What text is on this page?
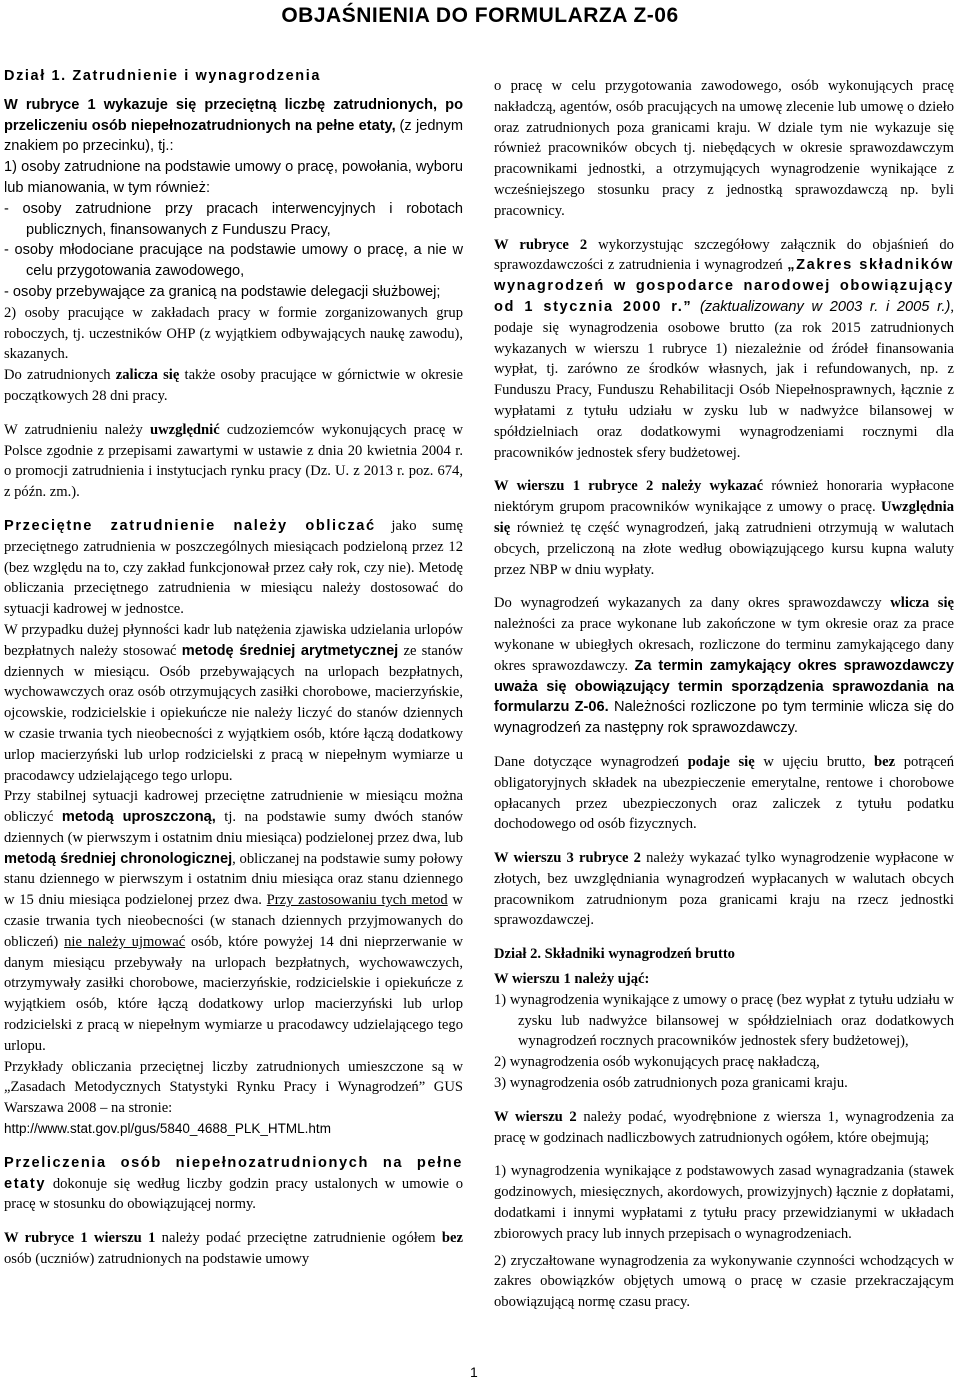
OBJAŚNIENIA DO FORMULARZA Z-06

Dział 1. Zatrudnienie i wynagrodzenia

W rubryce 1 wykazuje się przeciętną liczbę zatrudnionych, po przeliczeniu osób niepełnozatrudnionych na pełne etaty, (z jednym znakiem po przecinku), tj.:

1) osoby zatrudnione na podstawie umowy o pracę, powołania, wyboru lub mianowania, w tym również:

- osoby zatrudnione przy pracach interwencyjnych i robotach publicznych, finansowanych z Funduszu Pracy,
- osoby młodociane pracujące na podstawie umowy o pracę, a nie w celu przygotowania zawodowego,
- osoby przebywające za granicą na podstawie delegacji służbowej;

2) osoby pracujące w zakładach pracy w formie zorganizowanych grup roboczych, tj. uczestników OHP (z wyjątkiem odbywających naukę zawodu), skazanych.

Do zatrudnionych zalicza się także osoby pracujące w górnictwie w okresie początkowych 28 dni pracy.

W zatrudnieniu należy uwzględnić cudzoziemców wykonujących pracę w Polsce zgodnie z przepisami zawartymi w ustawie z dnia 20 kwietnia 2004 r. o promocji zatrudnienia i instytucjach rynku pracy (Dz. U. z 2013 r. poz. 674, z późn. zm.).

Przeciętne zatrudnienie należy obliczać jako sumę przeciętnego zatrudnienia w poszczególnych miesiącach podzieloną przez 12 (bez względu na to, czy zakład funkcjonował przez cały rok, czy nie). Metodę obliczania przeciętnego zatrudnienia w miesiącu należy dostosować do sytuacji kadrowej w jednostce.

W przypadku dużej płynności kadr lub natężenia zjawiska udzielania urlopów bezpłatnych należy stosować metodę średniej arytmetycznej ze stanów dziennych w miesiącu. Osób przebywających na urlopach bezpłatnych, wychowawczych oraz osób otrzymujących zasiłki chorobowe, macierzyńskie, ojcowskie, rodzicielskie i opiekuńcze nie należy liczyć do stanów dziennych w czasie trwania tych nieobecności z wyjątkiem osób, które łączą dodatkowy urlop macierzyński lub urlop rodzicielski z pracą w niepełnym wymiarze u pracodawcy udzielającego tego urlopu.

Przy stabilnej sytuacji kadrowej przeciętne zatrudnienie w miesiącu można obliczyć metodą uproszczoną, tj. na podstawie sumy dwóch stanów dziennych (w pierwszym i ostatnim dniu miesiąca) podzielonej przez dwa, lub metodą średniej chronologicznej, obliczanej na podstawie sumy połowy stanu dziennego w pierwszym i ostatnim dniu miesiąca oraz stanu dziennego w 15 dniu miesiąca podzielonej przez dwa. Przy zastosowaniu tych metod w czasie trwania tych nieobecności (w stanach dziennych przyjmowanych do obliczeń) nie należy ujmować osób, które powyżej 14 dni nieprzerwanie w danym miesiącu przebywały na urlopach bezpłatnych, wychowawczych, otrzymywały zasiłki chorobowe, macierzyńskie, rodzicielskie i opiekuńcze z wyjątkiem osób, które łączą dodatkowy urlop macierzyński lub urlop rodzicielski z pracą w niepełnym wymiarze u pracodawcy udzielającego tego urlopu.

Przykłady obliczania przeciętnej liczby zatrudnionych umieszczone są w „Zasadach Metodycznych Statystyki Rynku Pracy i Wynagrodzeń” GUS Warszawa 2008 – na stronie:
http://www.stat.gov.pl/gus/5840_4688_PLK_HTML.htm

Przeliczenia osób niepełnozatrudnionych na pełne etaty dokonuje się według liczby godzin pracy ustalonych w umowie o pracę w stosunku do obowiązującej normy.

W rubryce 1 wierszu 1 należy podać przeciętne zatrudnienie ogółem bez osób (uczniów) zatrudnionych na podstawie umowy

o pracę w celu przygotowania zawodowego, osób wykonujących pracę nakładczą, agentów, osób pracujących na umowę zlecenie lub umowę o dzieło oraz zatrudnionych poza granicami kraju. W dziale tym nie wykazuje się również pracowników obcych tj. niebędących w okresie sprawozdawczym pracownikami jednostki, a otrzymujących wynagrodzenie wynikające z wcześniejszego stosunku pracy z jednostką sprawozdawczą np. byli pracownicy.

W rubryce 2 wykorzystując szczegółowy załącznik do objaśnień do sprawozdawczości z zatrudnienia i wynagrodzeń „Zakres składników wynagrodzeń w gospodarce narodowej obowiązujący od 1 stycznia 2000 r.” (zaktualizowany w 2003 r. i 2005 r.), podaje się wynagrodzenia osobowe brutto (za rok 2015 zatrudnionych wykazanych w wierszu 1 rubryce 1) niezależnie od źródeł finansowania wypłat, tj. zarówno ze środków własnych, jak i refundowanych, np. z Funduszu Pracy, Funduszu Rehabilitacji Osób Niepełnosprawnych, łącznie z wypłatami z tytułu udziału w zysku lub w nadwyżce bilansowej w spółdzielniach oraz dodatkowymi wynagrodzeniami rocznymi dla pracowników jednostek sfery budżetowej.

W wierszu 1 rubryce 2 należy wykazać również honoraria wypłacone niektórym grupom pracowników wynikające z umowy o pracę. Uwzględnia się również tę część wynagrodzeń, jaką zatrudnieni otrzymują w walutach obcych, przeliczoną na złote według obowiązującego kursu kupna waluty przez NBP w dniu wypłaty.

Do wynagrodzeń wykazanych za dany okres sprawozdawczy wlicza się należności za prace wykonane lub zakończone w tym okresie oraz za prace wykonane w ubiegłych okresach, rozliczone do terminu zamykającego dany okres sprawozdawczy. Za termin zamykający okres sprawozdawczy uważa się obowiązujący termin sporządzenia sprawozdania na formularzu Z-06. Należności rozliczone po tym terminie wlicza się do wynagrodzeń za następny rok sprawozdawczy.

Dane dotyczące wynagrodzeń podaje się w ujęciu brutto, bez potrąceń obligatoryjnych składek na ubezpieczenie emerytalne, rentowe i chorobowe opłacanych przez ubezpieczonych oraz zaliczek z tytułu podatku dochodowego od osób fizycznych.

W wierszu 3 rubryce 2 należy wykazać tylko wynagrodzenie wypłacone w złotych, bez uwzględniania wynagrodzeń wypłacanych w walutach obcych pracownikom zatrudnionym poza granicami kraju na rzecz jednostki sprawozdawczej.

Dział 2. Składniki wynagrodzeń brutto

W wierszu 1 należy ująć:

1) wynagrodzenia wynikające z umowy o pracę (bez wypłat z tytułu udziału w zysku lub nadwyżce bilansowej w spółdzielniach oraz dodatkowych wynagrodzeń rocznych pracowników jednostek sfery budżetowej),
2) wynagrodzenia osób wykonujących pracę nakładczą,
3) wynagrodzenia osób zatrudnionych poza granicami kraju.

W wierszu 2 należy podać, wyodrębnione z wiersza 1, wynagrodzenia za pracę w godzinach nadliczbowych zatrudnionych ogółem, które obejmują;

1) wynagrodzenia wynikające z podstawowych zasad wynagradzania (stawek godzinowych, miesięcznych, akordowych, prowizyjnych) łącznie z dopłatami, dodatkami i innymi wypłatami z tytułu pracy przewidzianymi w układach zbiorowych pracy lub innych przepisach o wynagrodzeniach.

2) zryczałtowane wynagrodzenia za wykonywanie czynności wchodzących w zakres obowiązków objętych umową o pracę w czasie przekraczającym obowiązującą normę czasu pracy.

1
